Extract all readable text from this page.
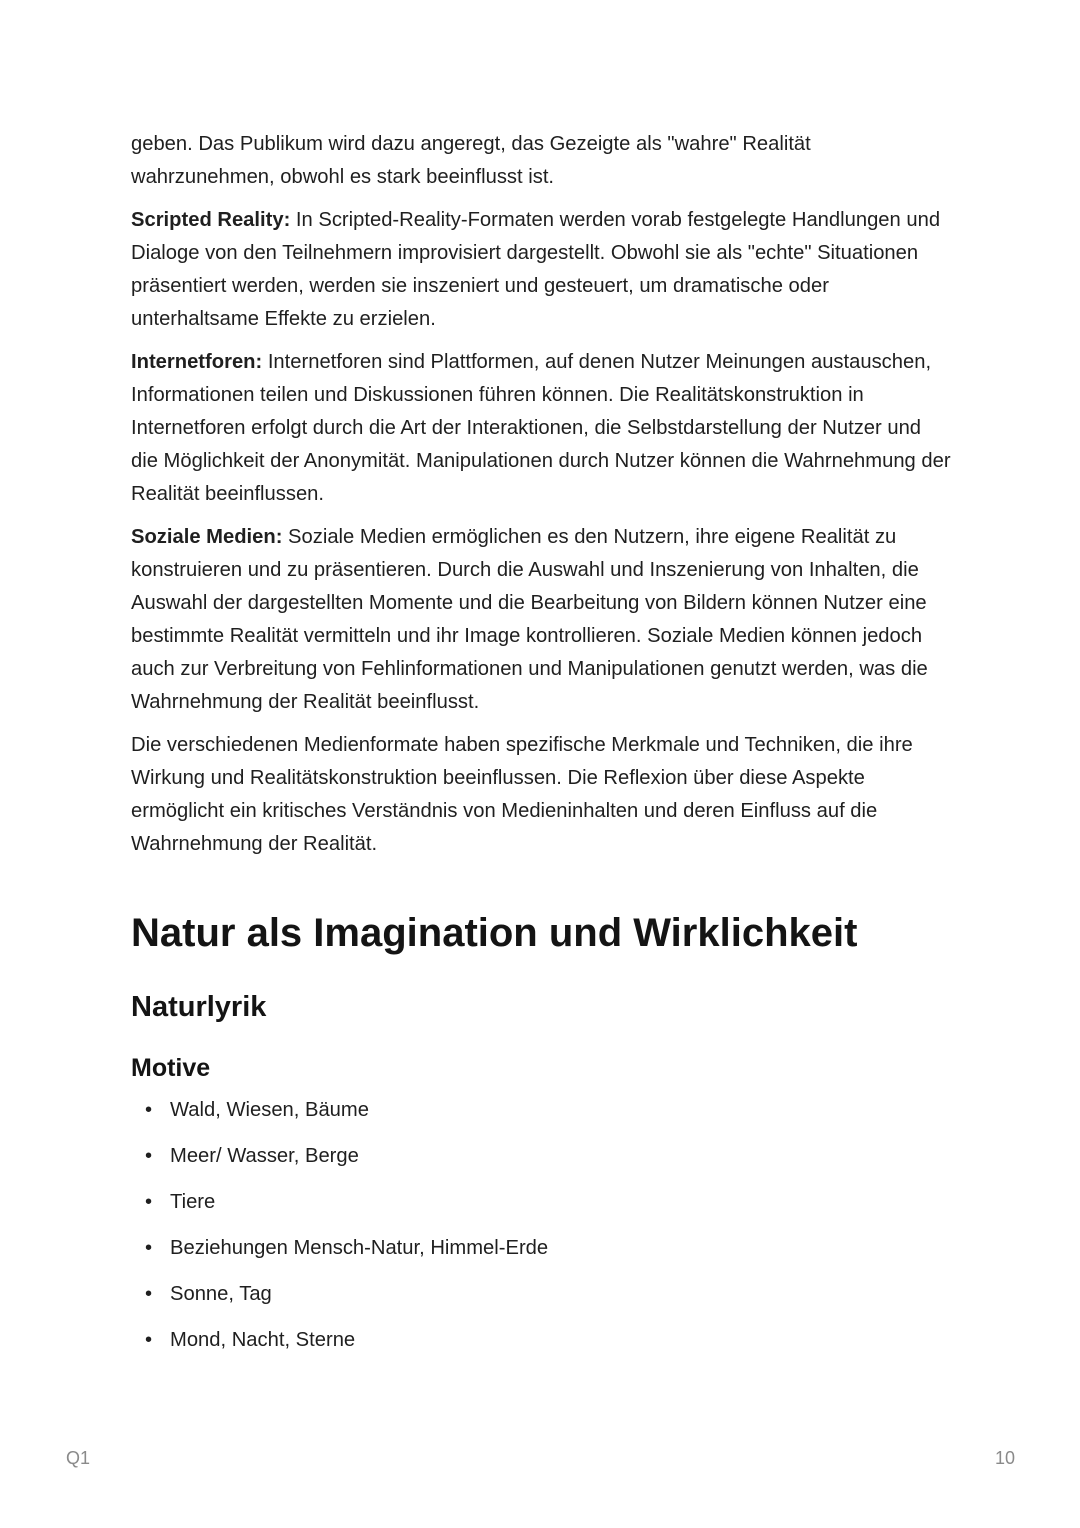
geben. Das Publikum wird dazu angeregt, das Gezeigte als "wahre" Realität wahrzunehmen, obwohl es stark beeinflusst ist.

Scripted Reality: In Scripted-Reality-Formaten werden vorab festgelegte Handlungen und Dialoge von den Teilnehmern improvisiert dargestellt. Obwohl sie als "echte" Situationen präsentiert werden, werden sie inszeniert und gesteuert, um dramatische oder unterhaltsame Effekte zu erzielen.

Internetforen: Internetforen sind Plattformen, auf denen Nutzer Meinungen austauschen, Informationen teilen und Diskussionen führen können. Die Realitätskonstruktion in Internetforen erfolgt durch die Art der Interaktionen, die Selbstdarstellung der Nutzer und die Möglichkeit der Anonymität. Manipulationen durch Nutzer können die Wahrnehmung der Realität beeinflussen.

Soziale Medien: Soziale Medien ermöglichen es den Nutzern, ihre eigene Realität zu konstruieren und zu präsentieren. Durch die Auswahl und Inszenierung von Inhalten, die Auswahl der dargestellten Momente und die Bearbeitung von Bildern können Nutzer eine bestimmte Realität vermitteln und ihr Image kontrollieren. Soziale Medien können jedoch auch zur Verbreitung von Fehlinformationen und Manipulationen genutzt werden, was die Wahrnehmung der Realität beeinflusst.

Die verschiedenen Medienformate haben spezifische Merkmale und Techniken, die ihre Wirkung und Realitätskonstruktion beeinflussen. Die Reflexion über diese Aspekte ermöglicht ein kritisches Verständnis von Medieninhalten und deren Einfluss auf die Wahrnehmung der Realität.

Natur als Imagination und Wirklichkeit
Naturlyrik
Motive
• Wald, Wiesen, Bäume
• Meer/ Wasser, Berge
• Tiere
• Beziehungen Mensch-Natur, Himmel-Erde
• Sonne, Tag
• Mond, Nacht, Sterne
Q1	10
